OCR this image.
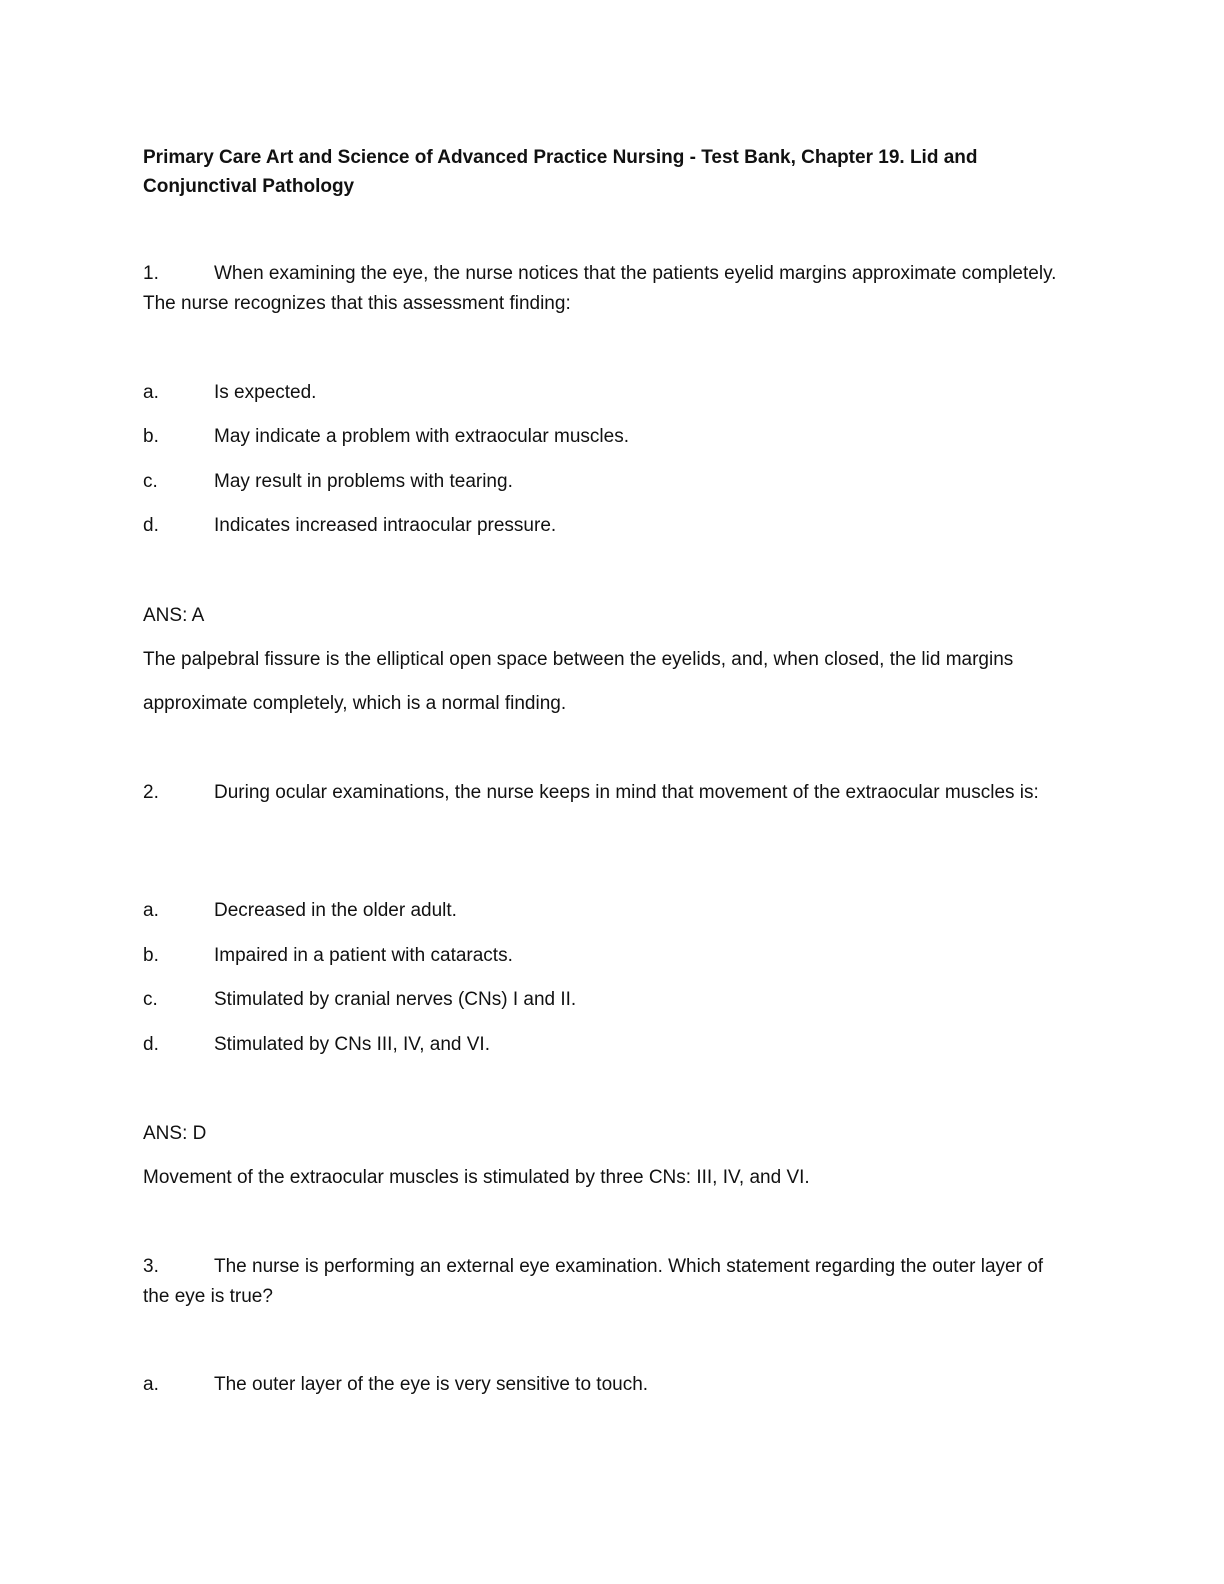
Primary Care Art and Science of Advanced Practice Nursing - Test Bank, Chapter 19. Lid and Conjunctival Pathology
1.	When examining the eye, the nurse notices that the patients eyelid margins approximate completely. The nurse recognizes that this assessment finding:
a.	Is expected.
b.	May indicate a problem with extraocular muscles.
c.	May result in problems with tearing.
d.	Indicates increased intraocular pressure.

ANS: A

The palpebral fissure is the elliptical open space between the eyelids, and, when closed, the lid margins approximate completely, which is a normal finding.

2.	During ocular examinations, the nurse keeps in mind that movement of the extraocular muscles is:
a.	Decreased in the older adult.
b.	Impaired in a patient with cataracts.
c.	Stimulated by cranial nerves (CNs) I and II.
d.	Stimulated by CNs III, IV, and VI.

ANS: D

Movement of the extraocular muscles is stimulated by three CNs: III, IV, and VI.

3.	The nurse is performing an external eye examination. Which statement regarding the outer layer of the eye is true?
a.	The outer layer of the eye is very sensitive to touch.
